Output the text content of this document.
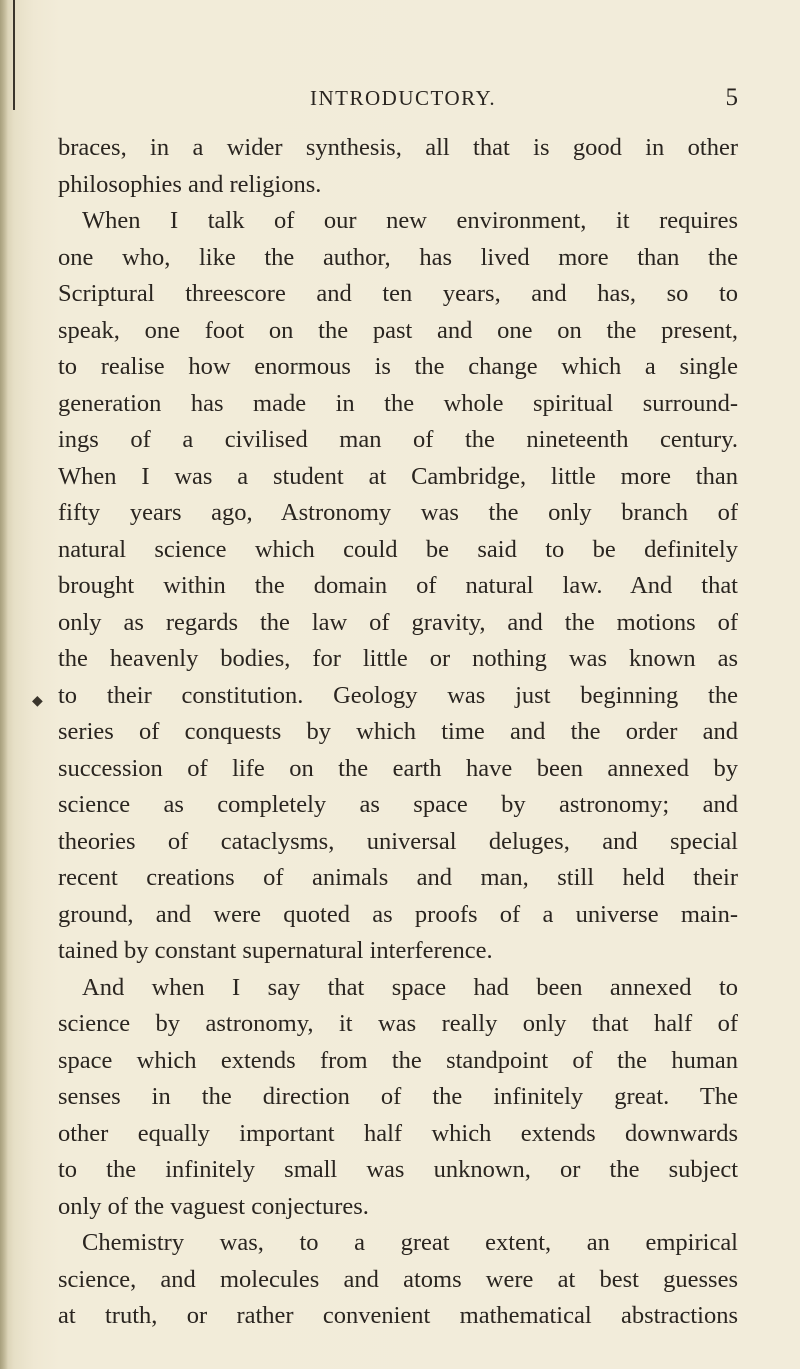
INTRODUCTORY.	5
◆
braces, in a wider synthesis, all that is good in other
philosophies and religions.
When I talk of our new environment, it requires
one who, like the author, has lived more than the
Scriptural threescore and ten years, and has, so to
speak, one foot on the past and one on the present,
to realise how enormous is the change which a single
generation has made in the whole spiritual surround-
ings of a civilised man of the nineteenth century.
When I was a student at Cambridge, little more than
fifty years ago, Astronomy was the only branch of
natural science which could be said to be definitely
brought within the domain of natural law. And that
only as regards the law of gravity, and the motions of
the heavenly bodies, for little or nothing was known as
to their constitution. Geology was just beginning the
series of conquests by which time and the order and
succession of life on the earth have been annexed by
science as completely as space by astronomy; and
theories of cataclysms, universal deluges, and special
recent creations of animals and man, still held their
ground, and were quoted as proofs of a universe main-
tained by constant supernatural interference.
And when I say that space had been annexed to
science by astronomy, it was really only that half of
space which extends from the standpoint of the human
senses in the direction of the infinitely great. The
other equally important half which extends downwards
to the infinitely small was unknown, or the subject
only of the vaguest conjectures.
Chemistry was, to a great extent, an empirical
science, and molecules and atoms were at best guesses
at truth, or rather convenient mathematical abstractions
